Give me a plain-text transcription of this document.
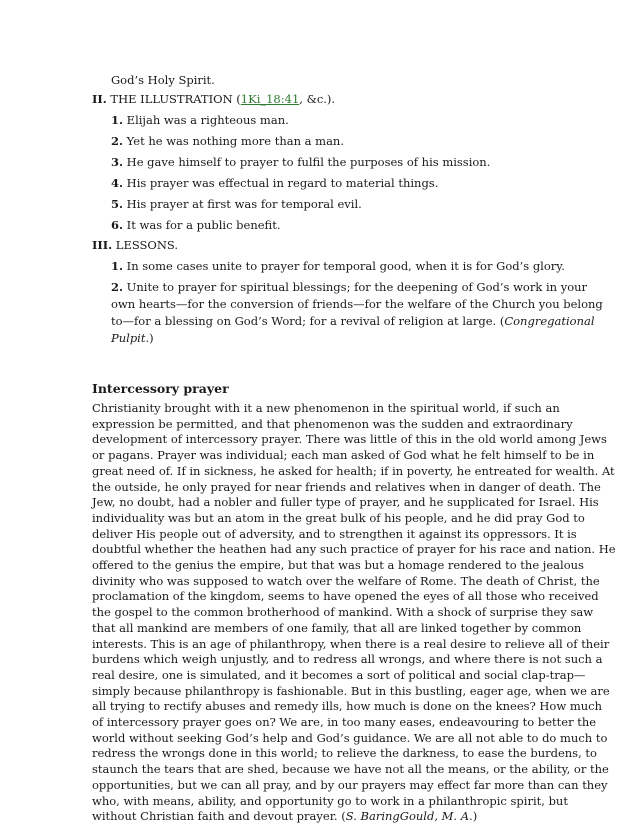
God’s Holy Spirit.
II. THE ILLUSTRATION (1Ki_18:41, &c.).
1. Elijah was a righteous man.
2. Yet he was nothing more than a man.
3. He gave himself to prayer to fulfil the purposes of his mission.
4. His prayer was effectual in regard to material things.
5. His prayer at first was for temporal evil.
6. It was for a public benefit.
III. LESSONS.
1. In some cases unite to prayer for temporal good, when it is for God’s glory.
2. Unite to prayer for spiritual blessings; for the deepening of God’s work in your
own hearts—for the conversion of friends—for the welfare of the Church you belong
to—for a blessing on God’s Word; for a revival of religion at large. (Congregational
Pulpit.)
Intercessory prayer
Christianity brought with it a new phenomenon in the spiritual world, if such an
expression be permitted, and that phenomenon was the sudden and extraordinary
development of intercessory prayer. There was little of this in the old world among Jews
or pagans. Prayer was individual; each man asked of God what he felt himself to be in
great need of. If in sickness, he asked for health; if in poverty, he entreated for wealth. At
the outside, he only prayed for near friends and relatives when in danger of death. The
Jew, no doubt, had a nobler and fuller type of prayer, and he supplicated for Israel. His
individuality was but an atom in the great bulk of his people, and he did pray God to
deliver His people out of adversity, and to strengthen it against its oppressors. It is
doubtful whether the heathen had any such practice of prayer for his race and nation. He
offered to the genius the empire, but that was but a homage rendered to the jealous
divinity who was supposed to watch over the welfare of Rome. The death of Christ, the
proclamation of the kingdom, seems to have opened the eyes of all those who received
the gospel to the common brotherhood of mankind. With a shock of surprise they saw
that all mankind are members of one family, that all are linked together by common
interests. This is an age of philanthropy, when there is a real desire to relieve all of their
burdens which weigh unjustly, and to redress all wrongs, and where there is not such a
real desire, one is simulated, and it becomes a sort of political and social clap-trap—
simply because philanthropy is fashionable. But in this bustling, eager age, when we are
all trying to rectify abuses and remedy ills, how much is done on the knees? How much
of intercessory prayer goes on? We are, in too many eases, endeavouring to better the
world without seeking God’s help and God’s guidance. We are all not able to do much to
redress the wrongs done in this world; to relieve the darkness, to ease the burdens, to
staunch the tears that are shed, because we have not all the means, or the ability, or the
opportunities, but we can all pray, and by our prayers may effect far more than can they
who, with means, ability, and opportunity go to work in a philanthropic spirit, but
without Christian faith and devout prayer. (S. BaringGould, M. A.)
